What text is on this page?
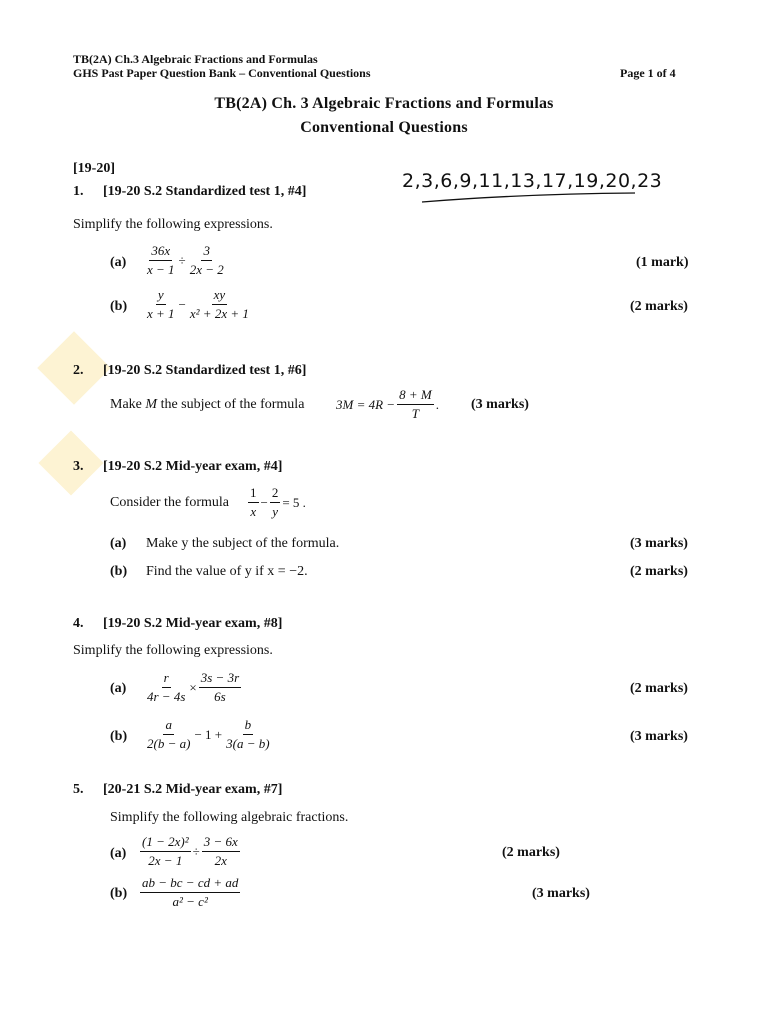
TB(2A) Ch.3 Algebraic Fractions and Formulas
GHS Past Paper Question Bank – Conventional Questions	Page 1 of 4
TB(2A) Ch. 3 Algebraic Fractions and Formulas
Conventional Questions
2,3,6,9,11,13,17,19,20,23
[19-20]
1. [19-20 S.2 Standardized test 1, #4]
Simplify the following expressions.
$(a) \frac{36x}{x - 1} \div \frac{3}{2x - 2}$	(1 mark)
$(b) \frac{y}{x + 1} - \frac{xy}{\text{x² + 2x + 1}}$	(2 marks)
2. [19-20 S.2 Standardized test 1, #6]
Make M the subject of the formula $3M = 4R - \frac{8 + M}{T}$ . (3 marks)
3. [19-20 S.2 Mid-year exam, #4]
Consider the formula $\frac{1}{x} - \frac{2}{y} = 5$ .
(a) Make y the subject of the formula.	(3 marks)
(b) Find the value of y if x = −2.	(2 marks)
4. [19-20 S.2 Mid-year exam, #8]
Simplify the following expressions.
$(a) \frac{r}{4r - 4s} \times \frac{3s - 3r}{6s}$	(2 marks)
$(b) \frac{a}{2(b - a)} - 1 + \frac{b}{3(a - b)}$	(3 marks)
5. [20-21 S.2 Mid-year exam, #7]
Simplify the following algebraic fractions.
$(a) \frac{\text{(1 − 2x)²}}{2x - 1} \div \frac{3 - 6x}{2x}$	(2 marks)
$(b) \frac{ab - bc - cd + ad}{\text{a² − c²}}$	(3 marks)
